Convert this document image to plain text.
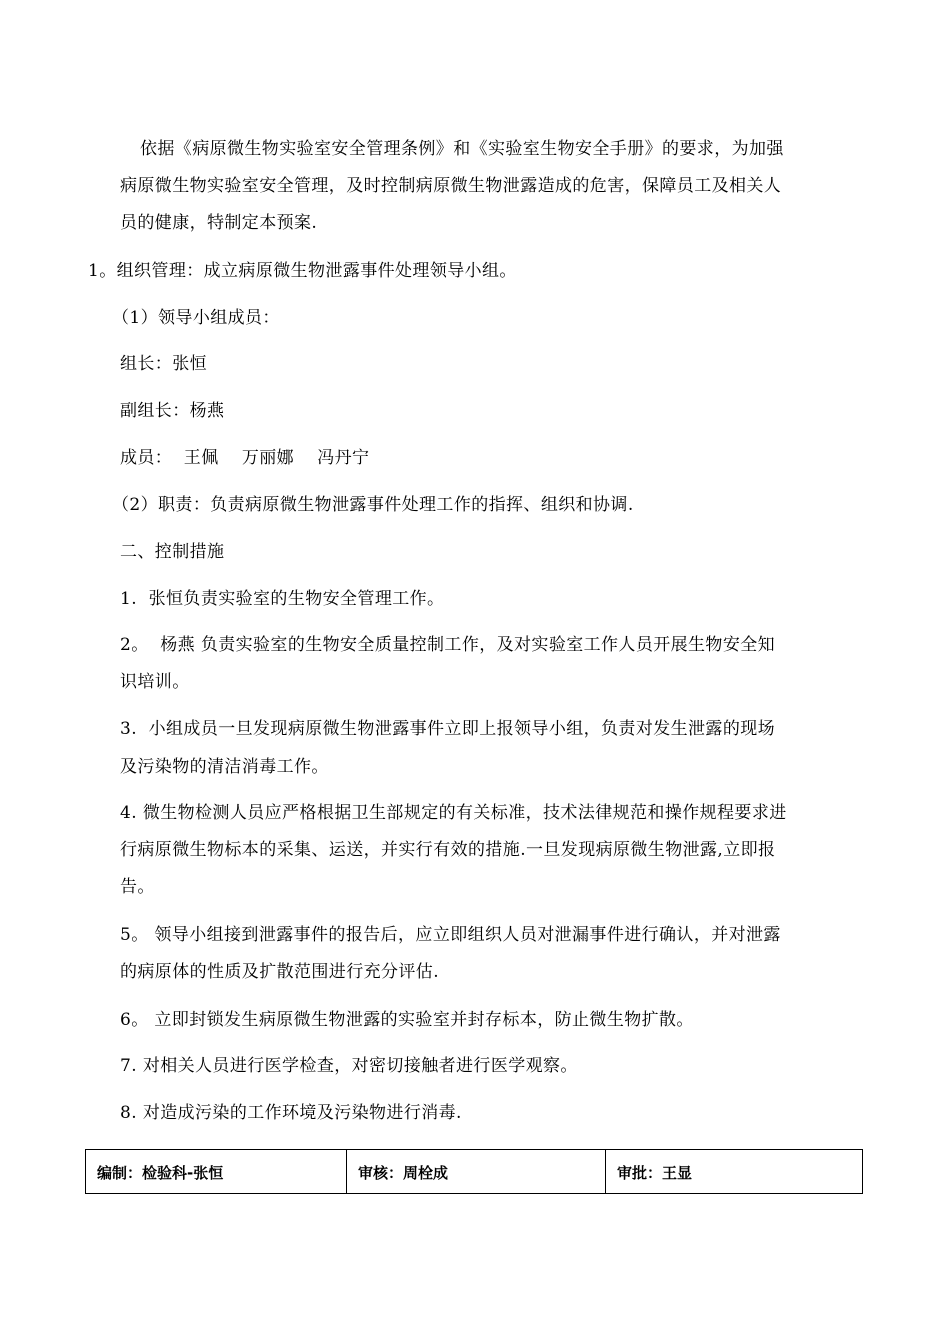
依据《病原微生物实验室安全管理条例》和《实验室生物安全手册》的要求，为加强
病原微生物实验室安全管理，及时控制病原微生物泄露造成的危害，保障员工及相关人
员的健康，特制定本预案.
1。组织管理：成立病原微生物泄露事件处理领导小组。
（1）领导小组成员：
组长：张恒
副组长：杨燕
成员：  王佩    万丽娜    冯丹宁
（2）职责：负责病原微生物泄露事件处理工作的指挥、组织和协调.
二、控制措施
1.  张恒负责实验室的生物安全管理工作。
2。  杨燕 负责实验室的生物安全质量控制工作，及对实验室工作人员开展生物安全知
识培训。
3.  小组成员一旦发现病原微生物泄露事件立即上报领导小组，负责对发生泄露的现场
及污染物的清洁消毒工作。
4. 微生物检测人员应严格根据卫生部规定的有关标准，技术法律规范和操作规程要求进
行病原微生物标本的采集、运送，并实行有效的措施.一旦发现病原微生物泄露,立即报
告。
5。 领导小组接到泄露事件的报告后，应立即组织人员对泄漏事件进行确认，并对泄露
的病原体的性质及扩散范围进行充分评估.
6。 立即封锁发生病原微生物泄露的实验室并封存标本，防止微生物扩散。
7. 对相关人员进行医学检查，对密切接触者进行医学观察。
8. 对造成污染的工作环境及污染物进行消毒.
编制：检验科-张恒	审核：周栓成	审批：王显
